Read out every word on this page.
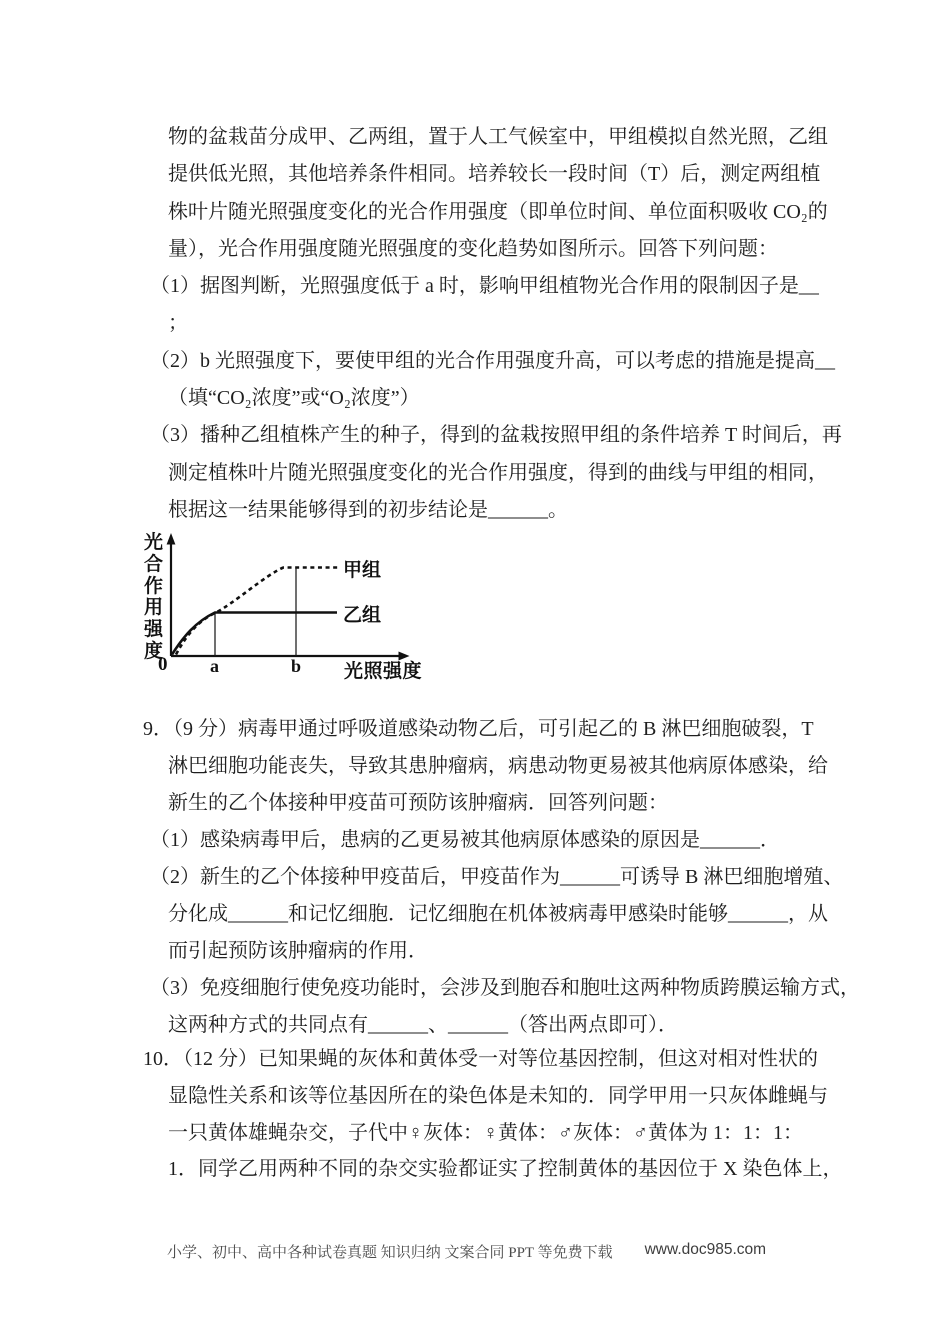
物的盆栽苗分成甲、乙两组，置于人工气候室中，甲组模拟自然光照，乙组
提供低光照，其他培养条件相同。培养较长一段时间（T）后，测定两组植
株叶片随光照强度变化的光合作用强度（即单位时间、单位面积吸收 CO₂的
量），光合作用强度随光照强度的变化趋势如图所示。回答下列问题：
（1）据图判断，光照强度低于 a 时，影响甲组植物光合作用的限制因子是__
；
（2）b 光照强度下，要使甲组的光合作用强度升高，可以考虑的措施是提高__
（填“CO₂浓度”或“O₂浓度”）
（3）播种乙组植株产生的种子，得到的盆栽按照甲组的条件培养 T 时间后，再
测定植株叶片随光照强度变化的光合作用强度，得到的曲线与甲组的相同，
根据这一结果能够得到的初步结论是______。
光合作用强度
0 a	b 光照强度
甲组
乙组
9．（9 分）病毒甲通过呼吸道感染动物乙后，可引起乙的 B 淋巴细胞破裂，T
淋巴细胞功能丧失，导致其患肿瘤病，病患动物更易被其他病原体感染，给
新生的乙个体接种甲疫苗可预防该肿瘤病．回答列问题：
（1）感染病毒甲后，患病的乙更易被其他病原体感染的原因是______．
（2）新生的乙个体接种甲疫苗后，甲疫苗作为______可诱导 B 淋巴细胞增殖、
分化成______和记忆细胞．记忆细胞在机体被病毒甲感染时能够______，从
而引起预防该肿瘤病的作用．
（3）免疫细胞行使免疫功能时，会涉及到胞吞和胞吐这两种物质跨膜运输方式，
这两种方式的共同点有______、______（答出两点即可）．
10．（12 分）已知果蝇的灰体和黄体受一对等位基因控制，但这对相对性状的
显隐性关系和该等位基因所在的染色体是未知的．同学甲用一只灰体雌蝇与
一只黄体雄蝇杂交，子代中♀灰体：♀黄体：♂灰体：♂黄体为 1：1：1：
1．同学乙用两种不同的杂交实验都证实了控制黄体的基因位于 X 染色体上，
小学、初中、高中各种试卷真题 知识归纳 文案合同 PPT 等免费下载 www.doc985.com
